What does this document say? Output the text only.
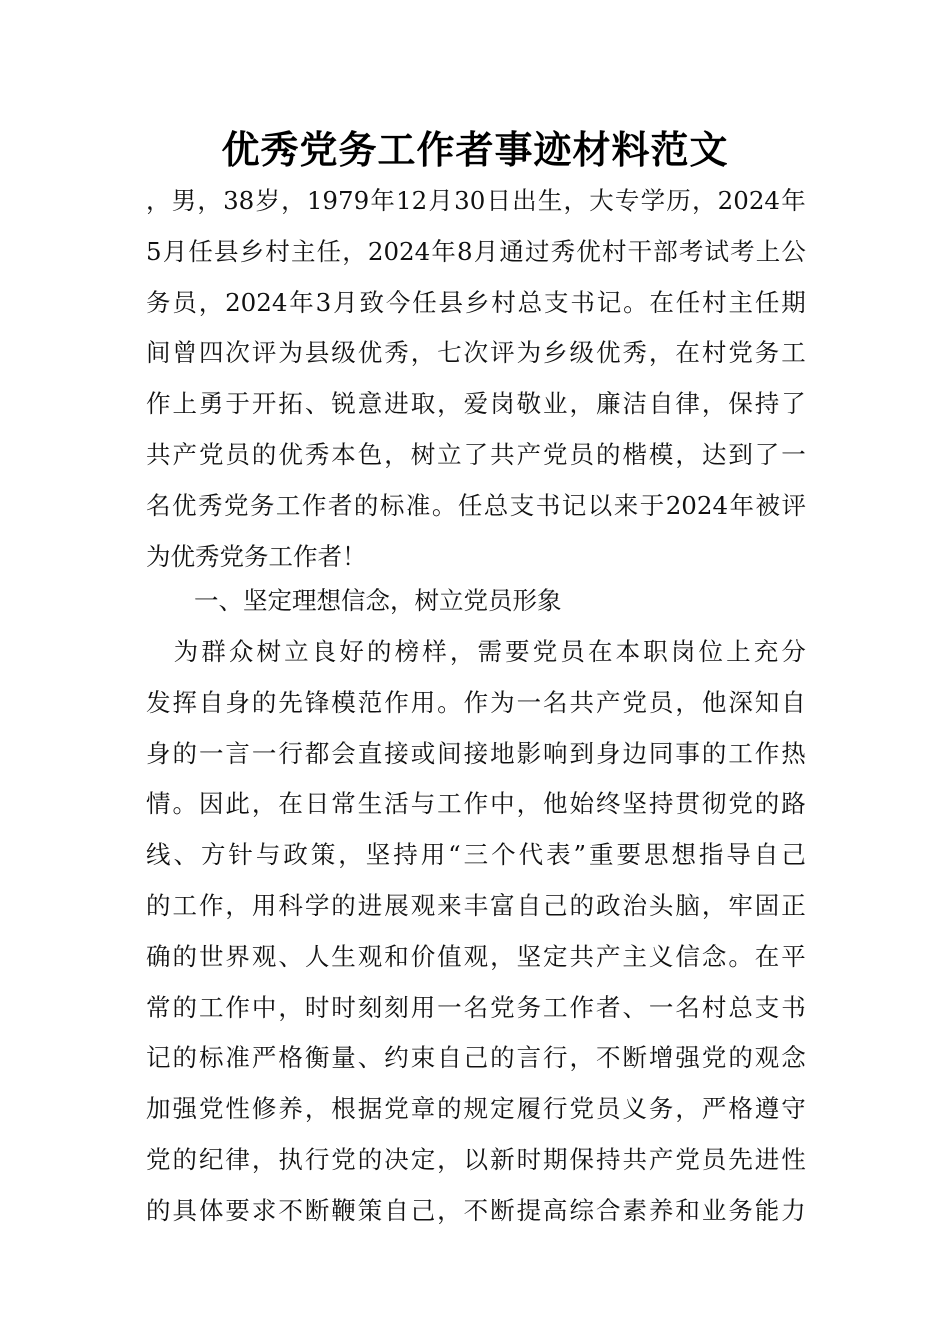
优秀党务工作者事迹材料范文
， 男 ， 38 岁 ， 1979 年 12 月 30 日 出 生 ， 大 专 学 历 ， 2024 年
5 月 任 县 乡 村 主 任 ， 2024 年 8 月 通 过 秀 优 村 干 部 考 试 考 上 公
务 员 ， 2024 年 3 月 致 今 任 县 乡 村 总 支 书 记 。 在 任 村 主 任 期
间 曾 四 次 评 为 县 级 优 秀 ， 七 次 评 为 乡 级 优 秀 ， 在 村 党 务 工
作 上 勇 于 开 拓 、 锐 意 进 取 ， 爱 岗 敬 业 ， 廉 洁 自 律 ， 保 持 了
共 产 党 员 的 优 秀 本 色 ， 树 立 了 共 产 党 员 的 楷 模 ， 达 到 了 一
名 优 秀 党 务 工 作 者 的 标 准 。 任 总 支 书 记 以 来 于 2024 年 被 评
为优秀党务工作者！

一、坚定理想信念，树立党员形象

为 群 众 树 立 良 好 的 榜 样 ， 需 要 党 员 在 本 职 岗 位 上 充 分
发 挥 自 身 的 先 锋 模 范 作 用 。 作 为 一 名 共 产 党 员 ， 他 深 知 自
身 的 一 言 一 行 都 会 直 接 或 间 接 地 影 响 到 身 边 同 事 的 工 作 热
情 。 因 此 ， 在 日 常 生 活 与 工 作 中 ， 他 始 终 坚 持 贯 彻 党 的 路
线 、 方 针 与 政 策 ， 坚 持 用 “ 三 个 代 表 ” 重 要 思 想 指 导 自 己
的 工 作 ， 用 科 学 的 进 展 观 来 丰 富 自 己 的 政 治 头 脑 ， 牢 固 正
确 的 世 界 观 、 人 生 观 和 价 值 观 ， 坚 定 共 产 主 义 信 念 。 在 平
常 的 工 作 中 ， 时 时 刻 刻 用 一 名 党 务 工 作 者 、 一 名 村 总 支 书
记 的 标 准 严 格 衡 量 、 约 束 自 己 的 言 行 ， 不 断 增 强 党 的 观 念
加 强 党 性 修 养 ， 根 据 党 章 的 规 定 履 行 党 员 义 务 ， 严 格 遵 守
党 的 纪 律 ， 执 行 党 的 决 定 ， 以 新 时 期 保 持 共 产 党 员 先 进 性
的 具 体 要 求 不 断 鞭 策 自 己 ， 不 断 提 高 综 合 素 养 和 业 务 能 力
